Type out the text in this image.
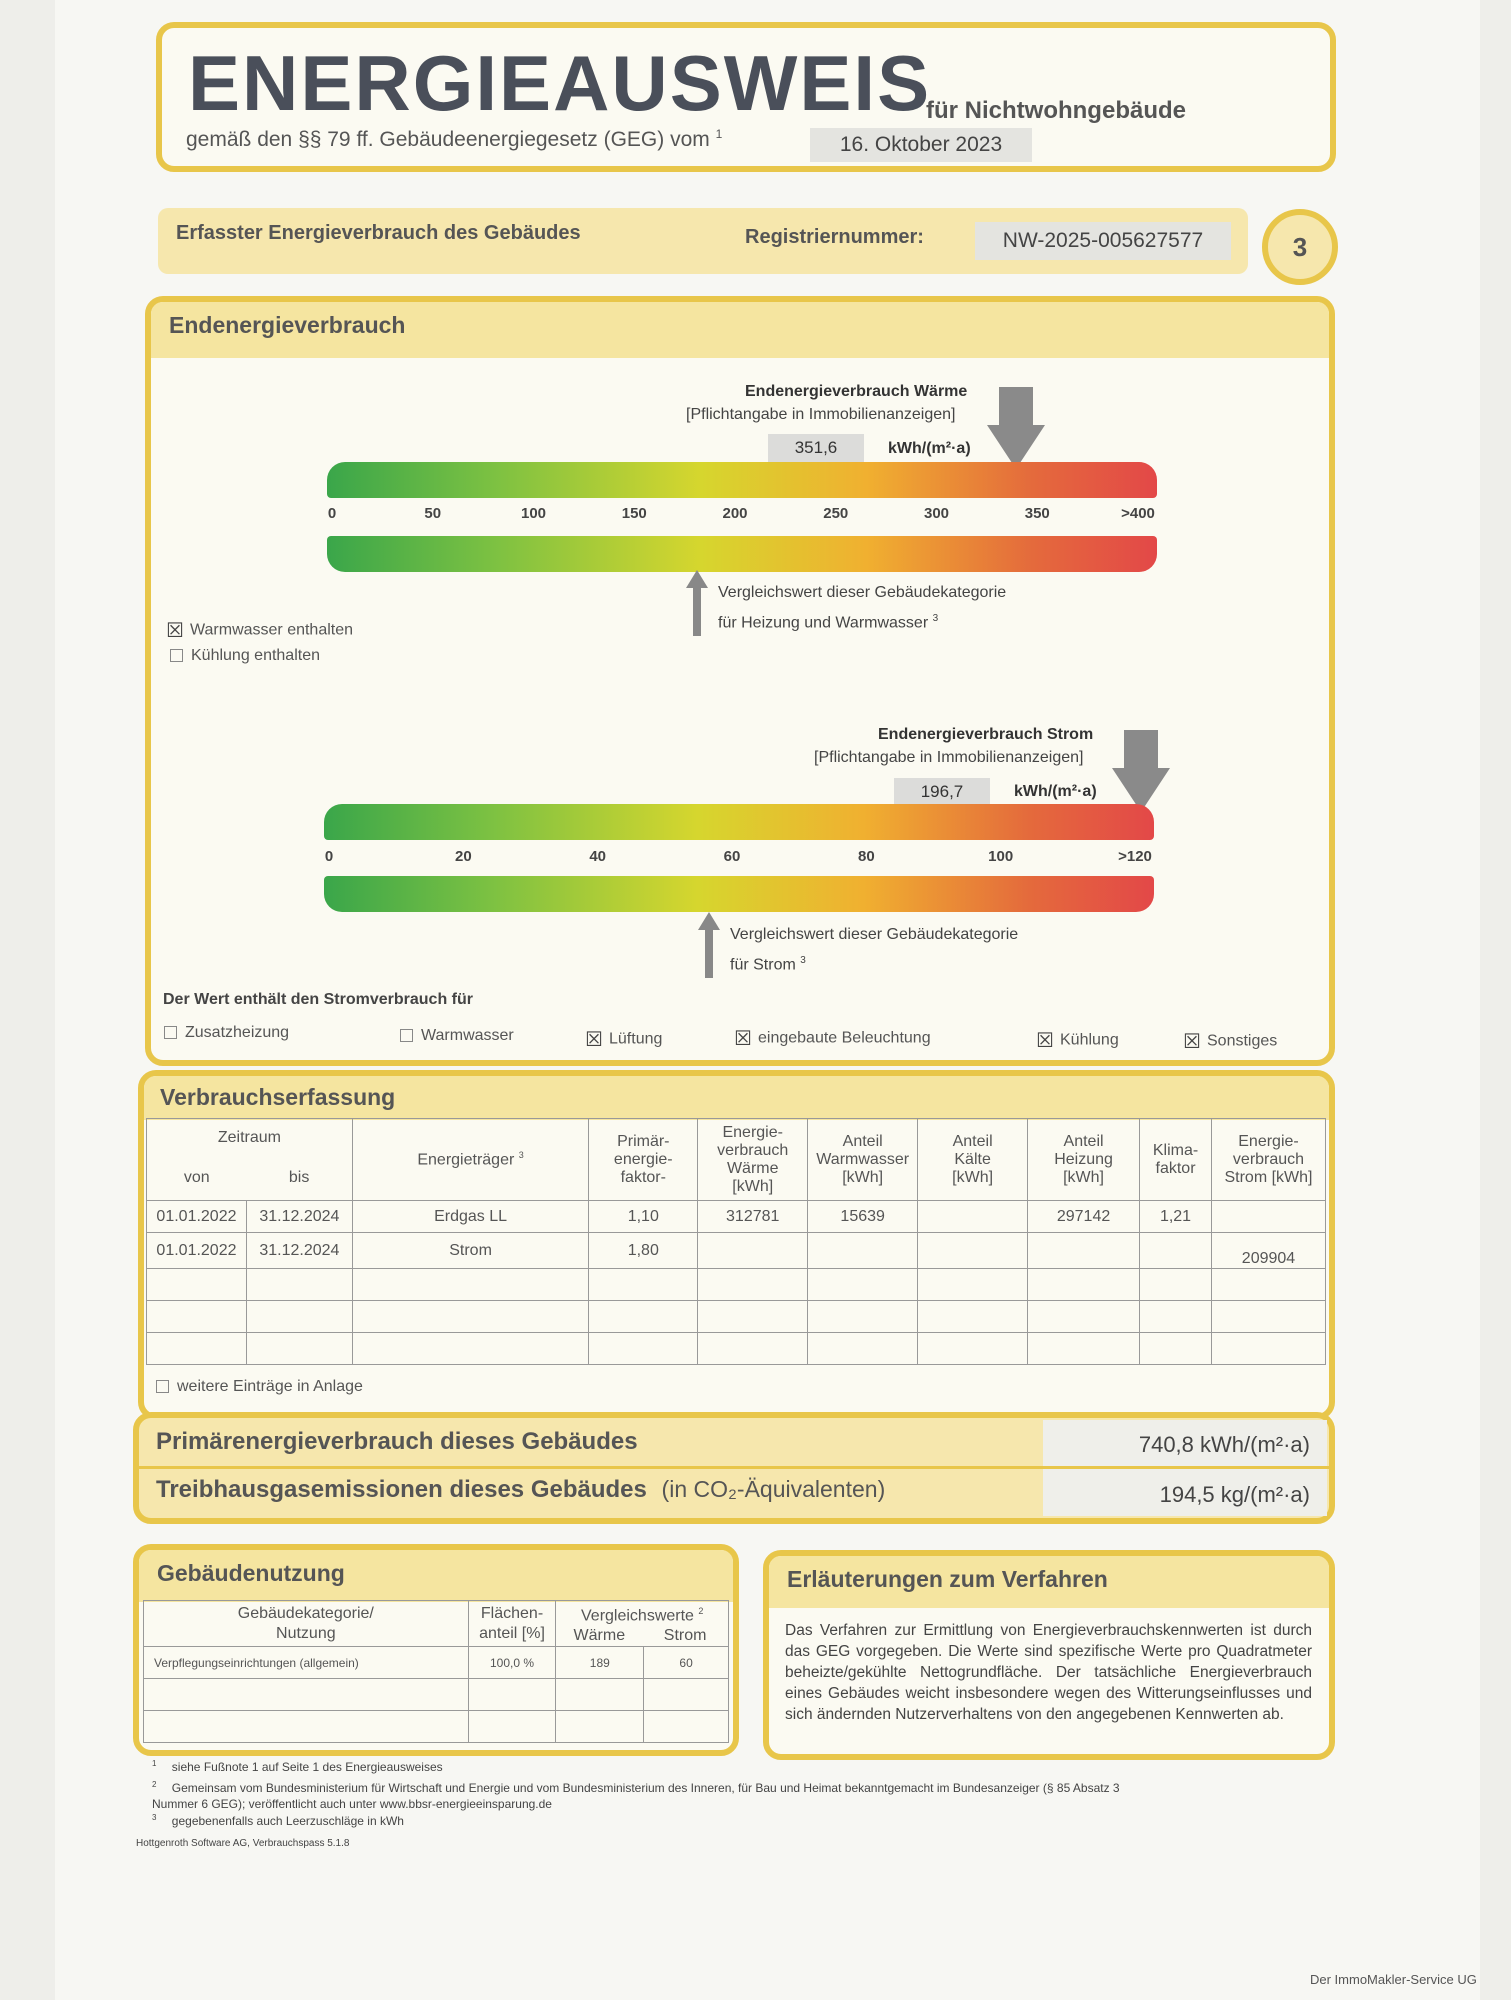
ENERGIEAUSWEIS
für Nichtwohngebäude
gemäß den §§ 79 ff. Gebäudeenergiegesetz (GEG) vom $^1$	16. Oktober 2023
Erfasster Energieverbrauch des Gebäudes	Registriernummer:	NW-2025-005627577	3
Endenergieverbrauch
Endenergieverbrauch Wärme
[Pflichtangabe in Immobilienanzeigen]
351,6	kWh/(m²·a)
0	50	100	150	200	250	300	350	>400
Vergleichswert dieser Gebäudekategorie
für Heizung und Warmwasser $^3$
☒ Warmwasser enthalten
Kühlung enthalten
Endenergieverbrauch Strom
[Pflichtangabe in Immobilienanzeigen]
196,7	kWh/(m²·a)
0	20	40	60	80	100	>120
Vergleichswert dieser Gebäudekategorie
für Strom $^3$
Der Wert enthält den Stromverbrauch für
Zusatzheizung	Warmwasser	☒ Lüftung	☒ eingebaute Beleuchtung	☒ Kühlung	☒ Sonstiges
Verbrauchserfassung
Zeitraum		Energieträger $^3$	Primär-energie-faktor-	Energie-verbrauch Wärme [kWh]	Anteil Warmwasser [kWh]	Anteil Kälte [kWh]	Anteil Heizung [kWh]	Klima-faktor	Energie-verbrauch Strom [kWh]
von	bis								
01.01.2022	31.12.2024	Erdgas LL	1,10	312781	15639		297142	1,21	
01.01.2022	31.12.2024	Strom	1,80						209904

weitere Einträge in Anlage
Primärenergieverbrauch dieses Gebäudes	740,8 kWh/(m²·a)
Treibhausgasemissionen dieses Gebäudes (in CO₂-Äquivalenten)	194,5 kg/(m²·a)
Gebäudenutzung
Gebäudekategorie/ Nutzung	Flächen-anteil [%]	Vergleichswerte $^2$
Wärme Strom	

Verpflegungseinrichtungen (allgemein)	100,0 %	189	60

Erläuterungen zum Verfahren
Das Verfahren zur Ermittlung von Energieverbrauchskennwerten ist durch das GEG vorgegeben. Die Werte sind spezifische Werte pro Quadratmeter beheizte/gekühlte Nettogrundfläche. Der tatsächliche Energieverbrauch eines Gebäudes weicht insbesondere wegen des Witterungseinflusses und sich ändernden Nutzerverhaltens von den angegebenen Kennwerten ab.
$^1$ siehe Fußnote 1 auf Seite 1 des Energieausweises
$^2$ Gemeinsam vom Bundesministerium für Wirtschaft und Energie und vom Bundesministerium des Inneren, für Bau und Heimat bekanntgemacht im Bundesanzeiger (§ 85 Absatz 3 Nummer 6 GEG); veröffentlicht auch unter www.bbsr-energieeinsparung.de
$^3$ gegebenenfalls auch Leerzuschläge in kWh
Hottgenroth Software AG, Verbrauchspass 5.1.8
Der ImmoMakler-Service UG
